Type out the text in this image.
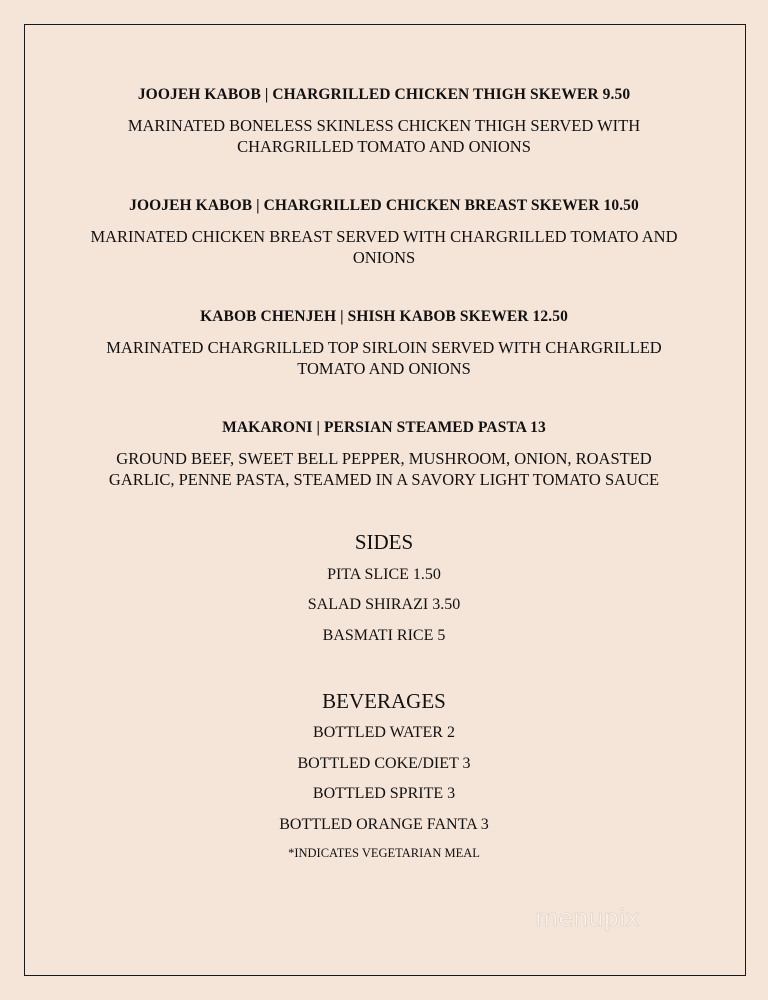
JOOJEH KABOB | CHARGRILLED CHICKEN THIGH SKEWER 9.50
MARINATED BONELESS SKINLESS CHICKEN THIGH SERVED WITH CHARGRILLED TOMATO AND ONIONS
JOOJEH KABOB | CHARGRILLED CHICKEN BREAST SKEWER 10.50
MARINATED CHICKEN BREAST SERVED WITH CHARGRILLED TOMATO AND ONIONS
KABOB CHENJEH | SHISH KABOB SKEWER 12.50
MARINATED CHARGRILLED TOP SIRLOIN SERVED WITH CHARGRILLED TOMATO AND ONIONS
MAKARONI | PERSIAN STEAMED PASTA 13
GROUND BEEF, SWEET BELL PEPPER, MUSHROOM, ONION, ROASTED GARLIC, PENNE PASTA, STEAMED IN A SAVORY LIGHT TOMATO SAUCE
SIDES
PITA SLICE 1.50
SALAD SHIRAZI 3.50
BASMATI RICE 5
BEVERAGES
BOTTLED WATER 2
BOTTLED COKE/DIET 3
BOTTLED SPRITE 3
BOTTLED ORANGE FANTA 3
*INDICATES VEGETARIAN MEAL
menupix
